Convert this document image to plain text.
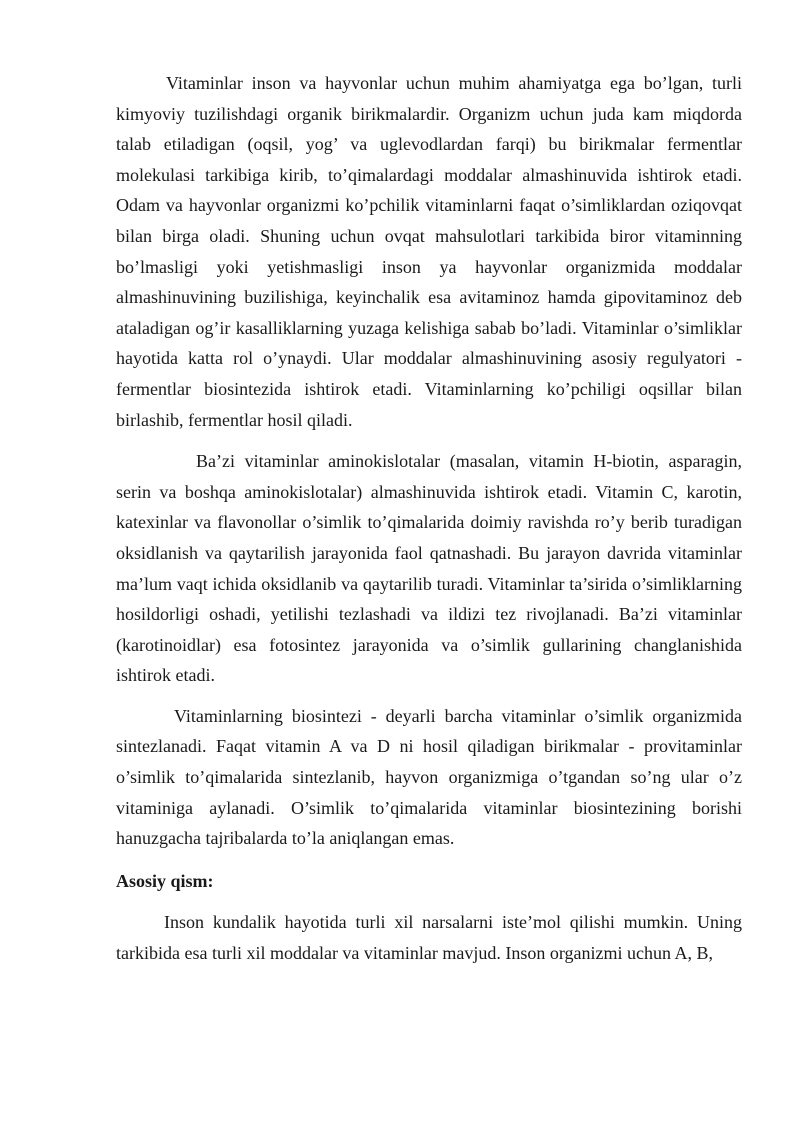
Vitaminlar inson va hayvonlar uchun muhim ahamiyatga ega bo’lgan, turli kimyoviy tuzilishdagi organik birikmalardir. Organizm uchun juda kam miqdorda talab etiladigan (oqsil, yog’ va uglevodlardan farqi) bu birikmalar fermentlar molekulasi tarkibiga kirib, to’qimalardagi moddalar almashinuvida ishtirok etadi. Odam va hayvonlar organizmi ko’pchilik vitaminlarni faqat o’simliklardan oziqovqat bilan birga oladi. Shuning uchun ovqat mahsulotlari tarkibida biror vitaminning bo’lmasligi yoki yetishmasligi inson ya hayvonlar organizmida moddalar almashinuvining buzilishiga, keyinchalik esa avitaminoz hamda gipovitaminoz deb ataladigan og’ir kasalliklarning yuzaga kelishiga sabab bo’ladi. Vitaminlar o’simliklar hayotida katta rol o’ynaydi. Ular moddalar almashinuvining asosiy regulyatori - fermentlar biosintezida ishtirok etadi. Vitaminlarning ko’pchiligi oqsillar bilan birlashib, fermentlar hosil qiladi.

Ba’zi vitaminlar aminokislotalar (masalan, vitamin H-biotin, asparagin, serin va boshqa aminokislotalar) almashinuvida ishtirok etadi. Vitamin C, karotin, katexinlar va flavonollar o’simlik to’qimalarida doimiy ravishda ro’y berib turadigan oksidlanish va qaytarilish jarayonida faol qatnashadi. Bu jarayon davrida vitaminlar ma’lum vaqt ichida oksidlanib va qaytarilib turadi. Vitaminlar ta’sirida o’simliklarning hosildorligi oshadi, yetilishi tezlashadi va ildizi tez rivojlanadi. Ba’zi vitaminlar (karotinoidlar) esa fotosintez jarayonida va o’simlik gullarining changlanishida ishtirok etadi.

Vitaminlarning biosintezi - deyarli barcha vitaminlar o’simlik organizmida sintezlanadi. Faqat vitamin A va D ni hosil qiladigan birikmalar - provitaminlar o’simlik to’qimalarida sintezlanib, hayvon organizmiga o’tgandan so’ng ular o’z vitaminiga aylanadi. O’simlik to’qimalarida vitaminlar biosintezining borishi hanuzgacha tajribalarda to’la aniqlangan emas.

Asosiy qism:

Inson kundalik hayotida turli xil narsalarni iste’mol qilishi mumkin. Uning tarkibida esa turli xil moddalar va vitaminlar mavjud. Inson organizmi uchun A, B,
